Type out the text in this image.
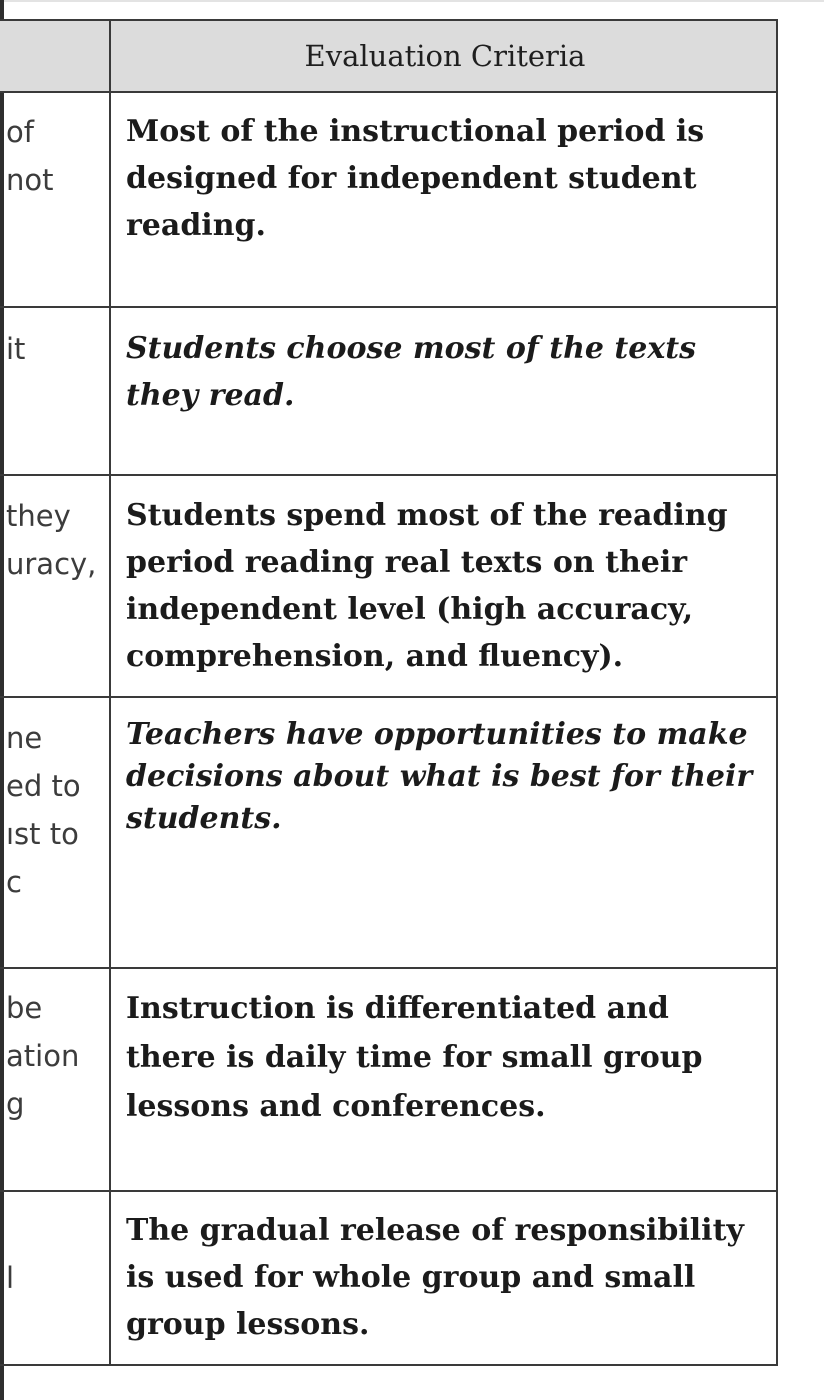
Evaluation Criteria
of
not
Most of the instructional period is designed for independent student reading.
it	Students choose most of the texts they read.
they
uracy,
Students spend most of the reading period reading real texts on their independent level (high accuracy, comprehension, and fluency).
ne
ed to
ıst to
c
Teachers have opportunities to make decisions about what is best for their students.
be
ation
g
Instruction is differentiated and there is daily time for small group lessons and conferences.
l
The gradual release of responsibility is used for whole group and small group lessons.
